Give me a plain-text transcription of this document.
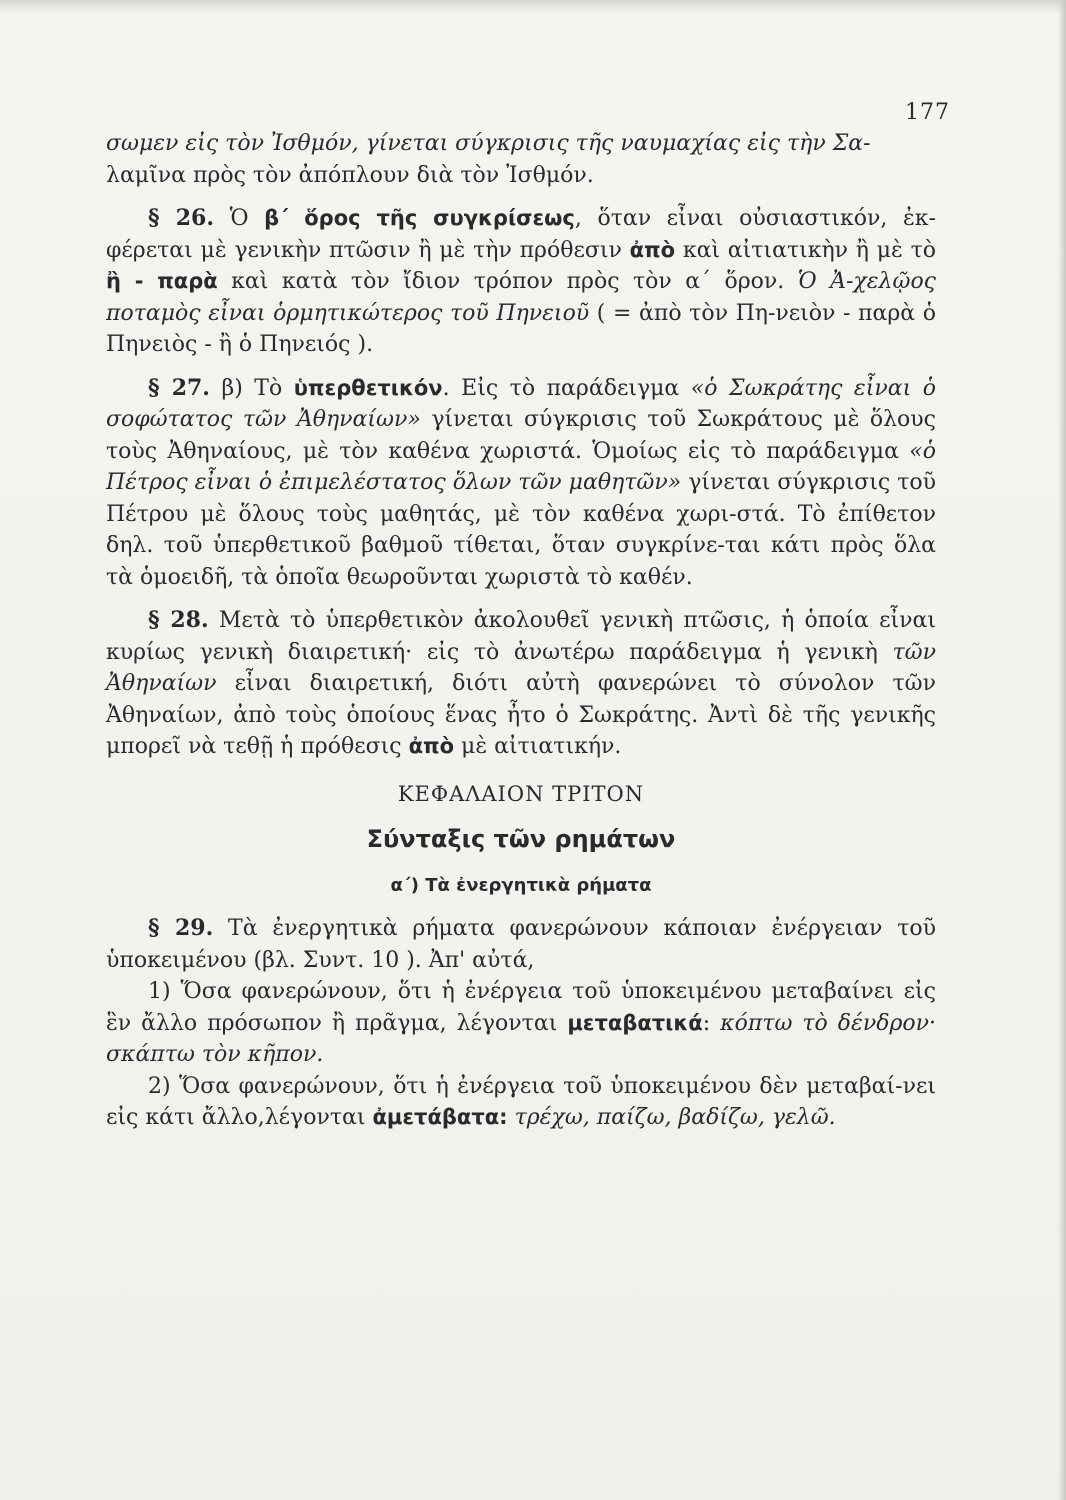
177

σωμεν εἰς τὸν Ἰσθμόν, γίνεται σύγκρισις τῆς ναυμαχίας εἰς τὴν Σα-
λαμῖνα πρὸς τὸν ἀπόπλουν διὰ τὸν Ἰσθμόν.

§ 26. Ὁ β΄ ὅρος τῆς συγκρίσεως, ὅταν εἶναι οὐσιαστικόν, ἐκ-φέρεται μὲ γενικὴν πτῶσιν ἢ μὲ τὴν πρόθεσιν ἀπὸ καὶ αἰτιατικὴν ἢ μὲ τὸ ἢ - παρὰ καὶ κατὰ τὸν ἴδιον τρόπον πρὸς τὸν α΄ ὅρον. Ὁ Ἀ-χελῷος ποταμὸς εἶναι ὁρμητικώτερος τοῦ Πηνειοῦ ( = ἀπὸ τὸν Πη-νειὸν - παρὰ ὁ Πηνειὸς - ἢ ὁ Πηνειός ).

§ 27. β) Τὸ ὑπερθετικόν. Εἰς τὸ παράδειγμα «ὁ Σωκράτης εἶναι ὁ σοφώτατος τῶν Ἀθηναίων» γίνεται σύγκρισις τοῦ Σωκράτους μὲ ὅλους τοὺς Ἀθηναίους, μὲ τὸν καθένα χωριστά. Ὁμοίως εἰς τὸ παράδειγμα «ὁ Πέτρος εἶναι ὁ ἐπιμελέστατος ὅλων τῶν μαθητῶν» γίνεται σύγκρισις τοῦ Πέτρου μὲ ὅλους τοὺς μαθητάς, μὲ τὸν καθένα χωρι-στά. Τὸ ἐπίθετον δηλ. τοῦ ὑπερθετικοῦ βαθμοῦ τίθεται, ὅταν συγκρίνε-ται κάτι πρὸς ὅλα τὰ ὁμοειδῆ, τὰ ὁποῖα θεωροῦνται χωριστὰ τὸ καθέν.

§ 28. Μετὰ τὸ ὑπερθετικὸν ἀκολουθεῖ γενικὴ πτῶσις, ἡ ὁποία εἶναι κυρίως γενικὴ διαιρετική· εἰς τὸ ἀνωτέρω παράδειγμα ἡ γενικὴ τῶν Ἀθηναίων εἶναι διαιρετική, διότι αὐτὴ φανερώνει τὸ σύνολον τῶν Ἀθηναίων, ἀπὸ τοὺς ὁποίους ἕνας ἦτο ὁ Σωκράτης. Ἀντὶ δὲ τῆς γενικῆς μπορεῖ νὰ τεθῇ ἡ πρόθεσις ἀπὸ μὲ αἰτιατικήν.

ΚΕΦΑΛΑΙΟΝ ΤΡΙΤΟΝ

Σύνταξις τῶν ρημάτων

α΄) Τὰ ἐνεργητικὰ ρήματα

§ 29. Τὰ ἐνεργητικὰ ρήματα φανερώνουν κάποιαν ἐνέργειαν τοῦ ὑποκειμένου (βλ. Συντ. 10 ). Ἀπ' αὐτά,

1) Ὅσα φανερώνουν, ὅτι ἡ ἐνέργεια τοῦ ὑποκειμένου μεταβαίνει εἰς ἓν ἄλλο πρόσωπον ἢ πρᾶγμα, λέγονται μεταβατικά: κόπτω τὸ δένδρον· σκάπτω τὸν κῆπον.

2) Ὅσα φανερώνουν, ὅτι ἡ ἐνέργεια τοῦ ὑποκειμένου δὲν μεταβαί-νει εἰς κάτι ἄλλο,λέγονται ἀμετάβατα: τρέχω, παίζω, βαδίζω, γελῶ.
